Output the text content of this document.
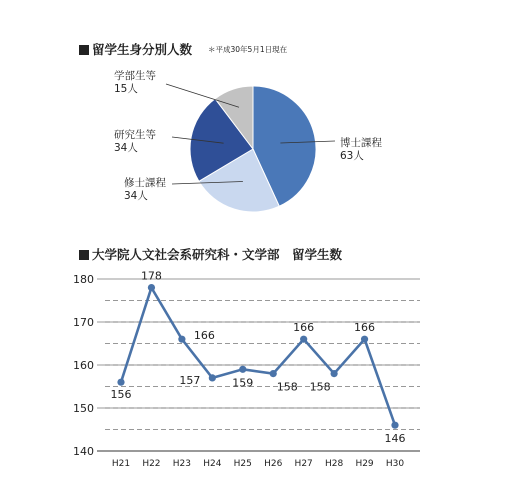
留学生身分別人数 ＊平成30年5月1日現在
学部生等
15人
研究生等
34人
修士課程
34人
博士課程
63人
大学院人文社会系研究科・文学部　留学生数
140
150
160
170
180
H21 H22 H23 H24 H25 H26 H27 H28 H29 H30
156
178
166
157	159 158
166
158
166
146
